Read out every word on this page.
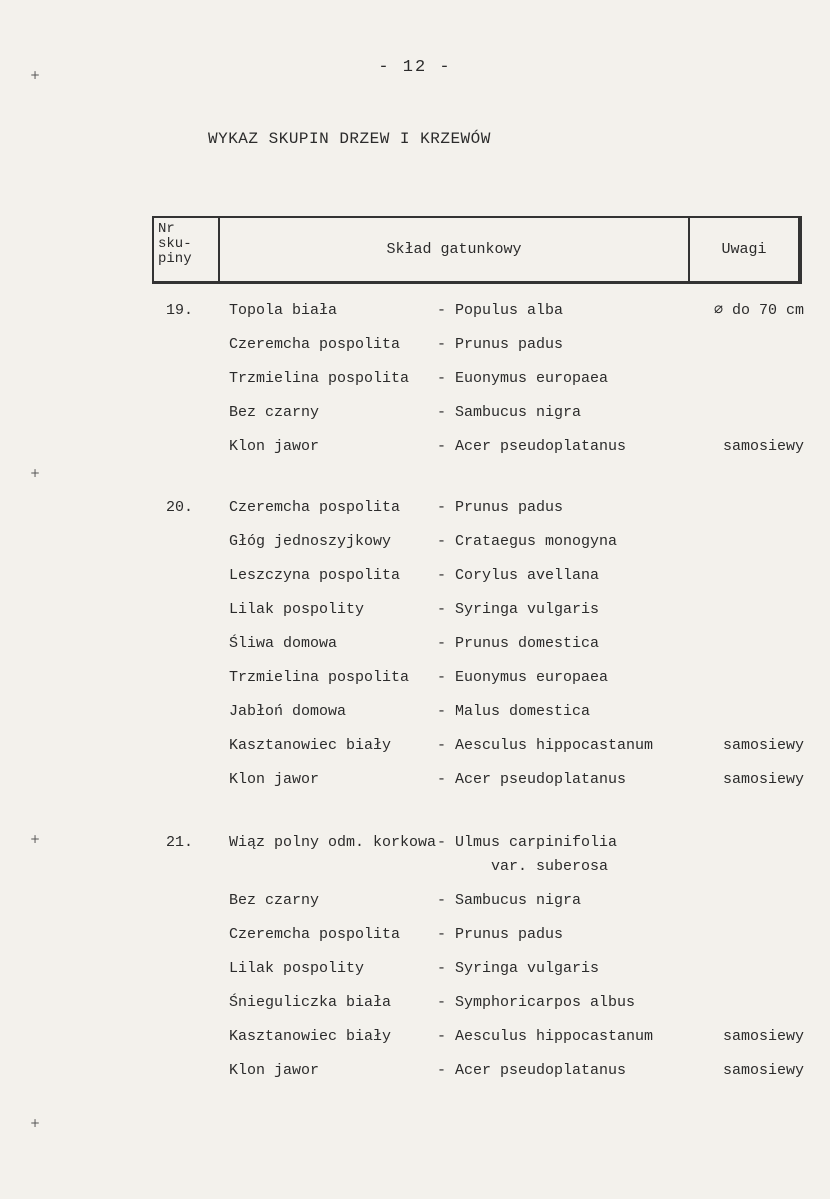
+
+
+
+
- 12 -
WYKAZ SKUPIN DRZEW I KRZEWÓW
Nr
sku-
piny
Skład gatunkowy	Uwagi
19. Topola biała	- Populus alba	∅ do 70 cm
Czeremcha pospolita - Prunus padus
Trzmielina pospolita - Euonymus europaea
Bez czarny	- Sambucus nigra
Klon jawor	- Acer pseudoplatanus	samosiewy
20. Czeremcha pospolita - Prunus padus
Głóg jednoszyjkowy	- Crataegus monogyna
Leszczyna pospolita - Corylus avellana
Lilak pospolity	- Syringa vulgaris
Śliwa domowa	- Prunus domestica
Trzmielina pospolita - Euonymus europaea
Jabłoń domowa	- Malus domestica
Kasztanowiec biały	- Aesculus hippocastanum	samosiewy
Klon jawor	- Acer pseudoplatanus	samosiewy
21. Wiąz polny odm. korkowa - Ulmus carpinifolia
var. suberosa
Bez czarny	- Sambucus nigra
Czeremcha pospolita - Prunus padus
Lilak pospolity	- Syringa vulgaris
Śnieguliczka biała	- Symphoricarpos albus
Kasztanowiec biały	- Aesculus hippocastanum	samosiewy
Klon jawor	- Acer pseudoplatanus	samosiewy
